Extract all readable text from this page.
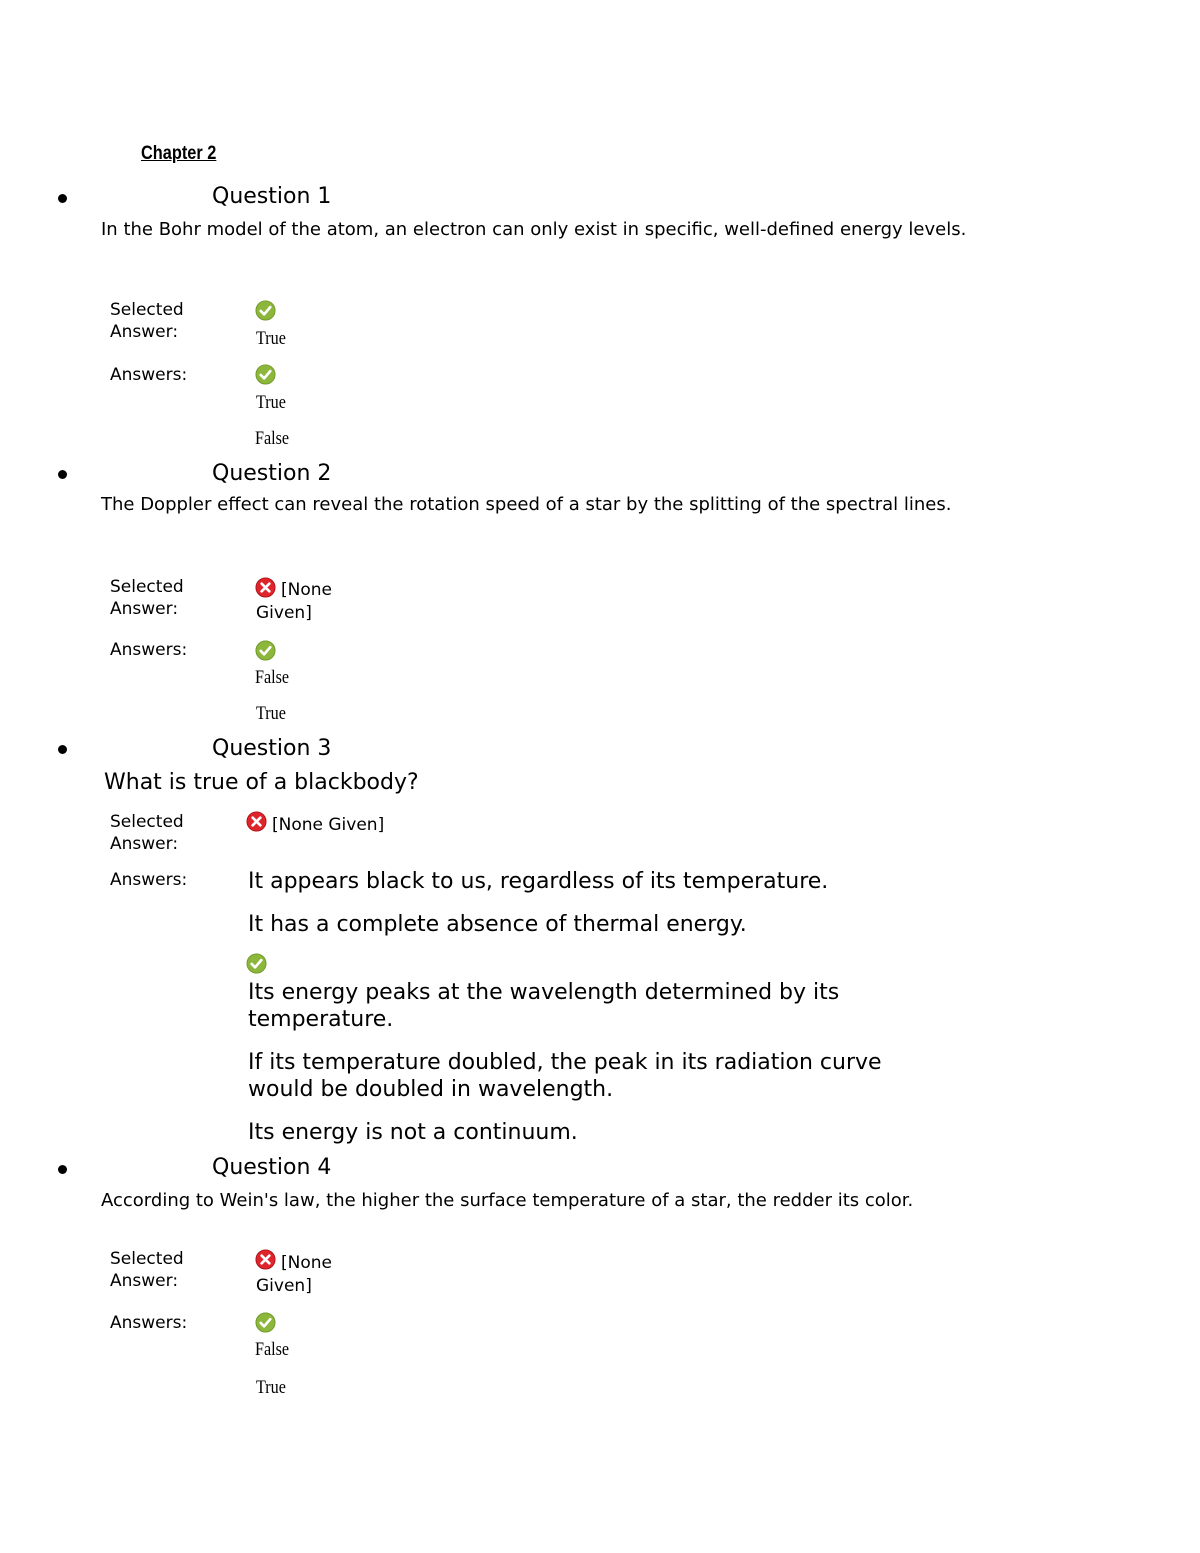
Chapter 2
Question 1
In the Bohr model of the atom, an electron can only exist in specific, well-defined energy levels.
Selected Answer:	True
Answers:
True
False
Question 2
The Doppler effect can reveal the rotation speed of a star by the splitting of the spectral lines.
Selected Answer:
[None Given]
Answers:
False
True
Question 3
What is true of a blackbody?
Selected Answer:
[None Given]
Answers:	It appears black to us, regardless of its temperature.
It has a complete absence of thermal energy.
Its energy peaks at the wavelength determined by its temperature.
If its temperature doubled, the peak in its radiation curve would be doubled in wavelength.
Its energy is not a continuum.
Question 4
According to Wein's law, the higher the surface temperature of a star, the redder its color.
Selected Answer:
[None Given]
Answers:
False
True
